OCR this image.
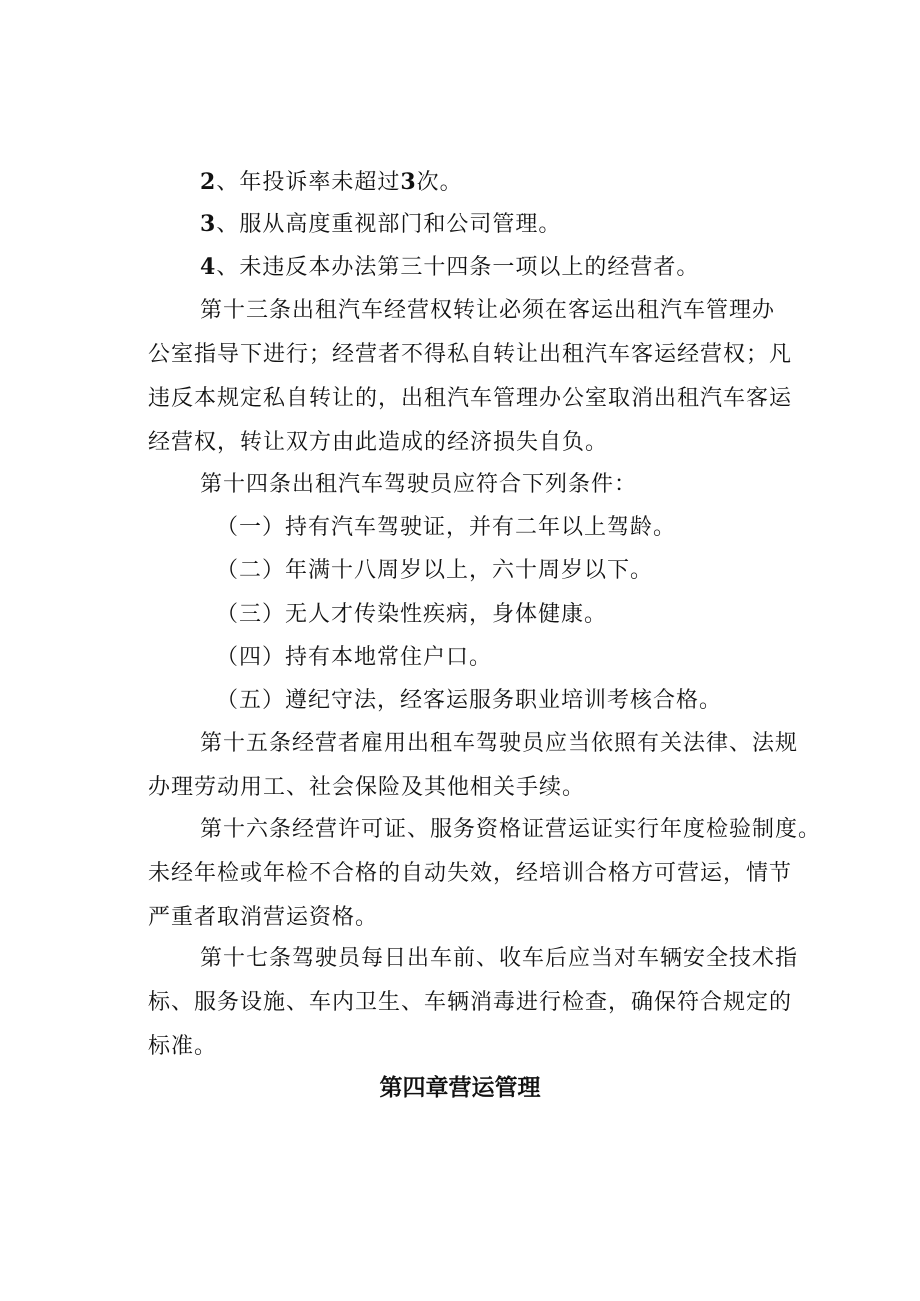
2、年投诉率未超过3次。

3、服从高度重视部门和公司管理。

4、未违反本办法第三十四条一项以上的经营者。

第十三条出租汽车经营权转让必须在客运出租汽车管理办
公室指导下进行；经营者不得私自转让出租汽车客运经营权；凡
违反本规定私自转让的，出租汽车管理办公室取消出租汽车客运
经营权，转让双方由此造成的经济损失自负。

第十四条出租汽车驾驶员应符合下列条件：

（一）持有汽车驾驶证，并有二年以上驾龄。

（二）年满十八周岁以上，六十周岁以下。

（三）无人才传染性疾病，身体健康。

（四）持有本地常住户口。

（五）遵纪守法，经客运服务职业培训考核合格。

第十五条经营者雇用出租车驾驶员应当依照有关法律、法规
办理劳动用工、社会保险及其他相关手续。
第十六条经营许可证、服务资格证营运证实行年度检验制度。
未经年检或年检不合格的自动失效，经培训合格方可营运，情节
严重者取消营运资格。
第十七条驾驶员每日出车前、收车后应当对车辆安全技术指
标、服务设施、车内卫生、车辆消毒进行检查，确保符合规定的
标准。
第四章营运管理
